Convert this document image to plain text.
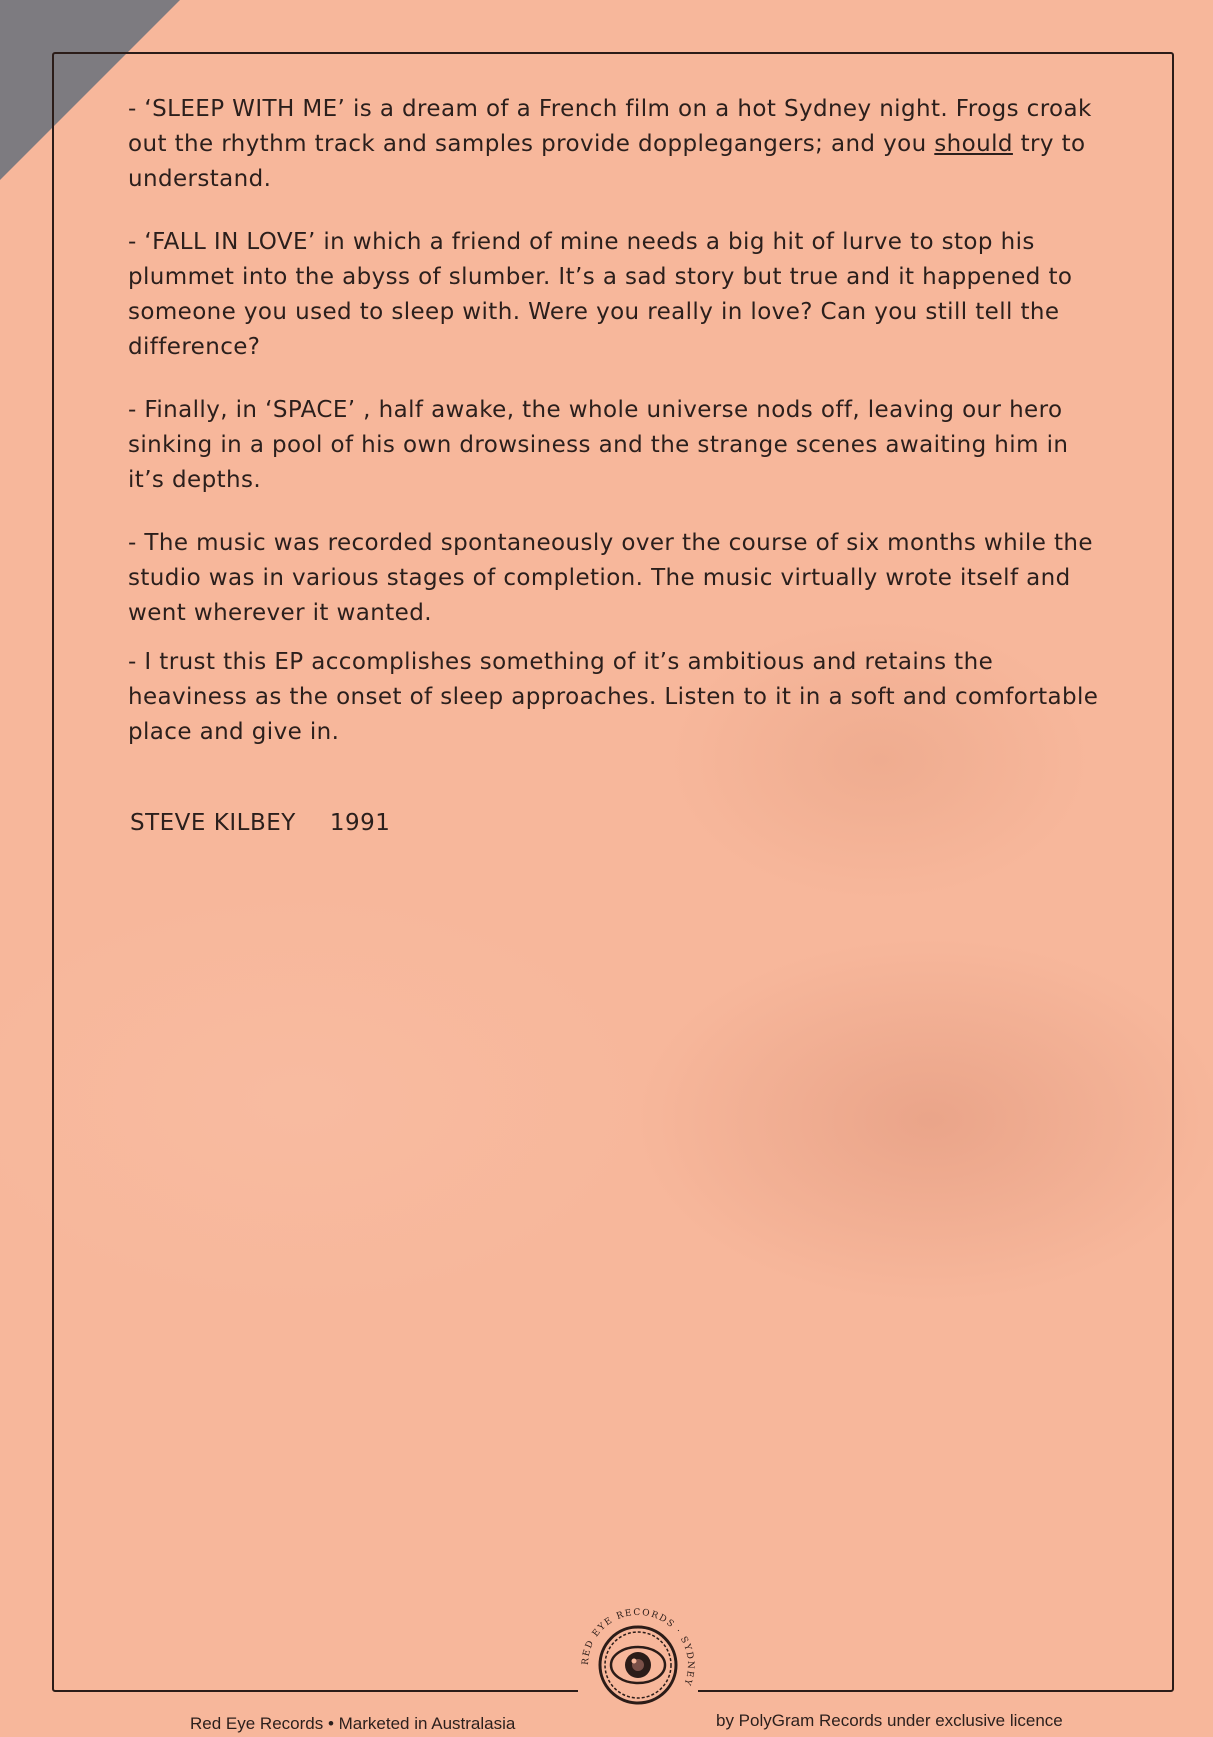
- ‘SLEEP WITH ME’ is a dream of a French film on a hot Sydney night. Frogs croak out the rhythm track and samples provide dopplegangers; and you should try to understand.

- ‘FALL IN LOVE’ in which a friend of mine needs a big hit of lurve to stop his plummet into the abyss of slumber. It’s a sad story but true and it happened to someone you used to sleep with. Were you really in love? Can you still tell the difference?

- Finally, in ‘SPACE’ , half awake, the whole universe nods off, leaving our hero sinking in a pool of his own drowsiness and the strange scenes awaiting him in it’s depths.

- The music was recorded spontaneously over the course of six months while the studio was in various stages of completion. The music virtually wrote itself and went wherever it wanted.

- I trust this EP accomplishes something of it’s ambitious and retains the heaviness as the onset of sleep approaches. Listen to it in a soft and comfortable place and give in.

STEVE KILBEY 1991
RED EYE RECORDS · SYDNEY
Red Eye Records • Marketed in Australasia	by PolyGram Records under exclusive licence
